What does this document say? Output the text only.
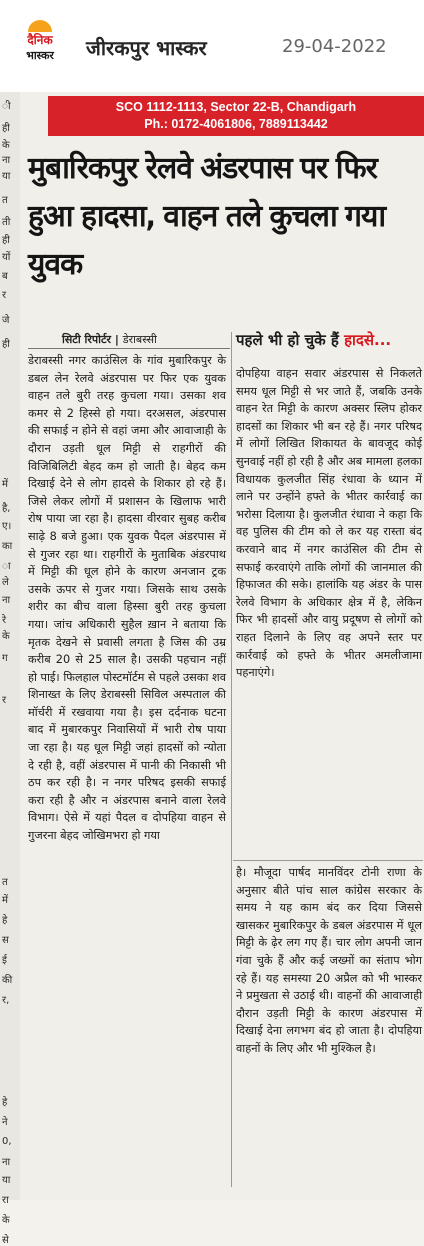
दैनिक
भास्कर	जीरकपुर भास्कर	29-04-2022
ी
ही
के
ना
या
त
ती
ही
यों
ब
र
जे
ही
में
है,
ए।
का
ा
ले
ना
रे
के
ग
र
त
में
हे
स
ई
की
र,
हे
ने
0,
ना
या
रा
के
से
SCO 1112-1113, Sector 22-B, Chandigarh
Ph.: 0172-4061806, 7889113442
मुबारिकपुर रेलवे अंडरपास पर फिर हुआ हादसा, वाहन तले कुचला गया युवक
सिटी रिपोर्टर | डेराबस्सी
डेराबस्सी नगर काउंसिल के गांव मुबारिकपुर के डबल लेन रेलवे अंडरपास पर फिर एक युवक वाहन तले बुरी तरह कुचला गया। उसका शव कमर से 2 हिस्से हो गया। दरअसल, अंडरपास की सफाई न होने से वहां जमा और आवाजाही के दौरान उड़ती धूल मिट्टी से राहगीरों की विजिबिलिटी बेहद कम हो जाती है। बेहद कम दिखाई देने से लोग हादसे के शिकार हो रहे हैं। जिसे लेकर लोगों में प्रशासन के खिलाफ भारी रोष पाया जा रहा है। हादसा वीरवार सुबह करीब साढ़े 8 बजे हुआ। एक युवक पैदल अंडरपास में से गुजर रहा था। राहगीरों के मुताबिक अंडरपाथ में मिट्टी की धूल होने के कारण अनजान ट्रक उसके ऊपर से गुजर गया। जिसके साथ उसके शरीर का बीच वाला हिस्सा बुरी तरह कुचला गया। जांच अधिकारी सुहैल ख़ान ने बताया कि मृतक देखने से प्रवासी लगता है जिस की उम्र करीब 20 से 25 साल है। उसकी पहचान नहीं हो पाई। फिलहाल पोस्टमॉर्टम से पहले उसका शव शिनाख्त के लिए डेराबस्सी सिविल अस्पताल की मॉर्चरी में रखवाया गया है। इस दर्दनाक घटना बाद में मुबारकपुर निवासियों में भारी रोष पाया जा रहा है। यह धूल मिट्टी जहां हादसों को न्योता दे रही है, वहीं अंडरपास में पानी की निकासी भी ठप कर रही है। न नगर परिषद इसकी सफाई करा रही है और न अंडरपास बनाने वाला रेलवे विभाग। ऐसे में यहां पैदल व दोपहिया वाहन से गुजरना बेहद जोखिमभरा हो गया
पहले भी हो चुके हैं हादसे...
दोपहिया वाहन सवार अंडरपास से निकलते समय धूल मिट्टी से भर जाते हैं, जबकि उनके वाहन रेत मिट्टी के कारण अक्सर स्लिप होकर हादसों का शिकार भी बन रहे हैं। नगर परिषद में लोगों लिखित शिकायत के बावजूद कोई सुनवाई नहीं हो रही है और अब मामला हलका विधायक कुलजीत सिंह रंधावा के ध्यान में लाने पर उन्होंने हफ्ते के भीतर कार्रवाई का भरोसा दिलाया है। कुलजीत रंधावा ने कहा कि वह पुलिस की टीम को ले कर यह रास्ता बंद करवाने बाद में नगर काउंसिल की टीम से सफाई करवाएंगे ताकि लोगों की जानमाल की हिफाजत की सके। हालांकि यह अंडर के पास रेलवे विभाग के अधिकार क्षेत्र में है, लेकिन फिर भी हादसों और वायु प्रदूषण से लोगों को राहत दिलाने के लिए वह अपने स्तर पर कार्रवाई को हफ्ते के भीतर अमलीजामा पहनाएंगे।
है। मौजूदा पार्षद मानविंदर टोनी राणा के अनुसार बीते पांच साल कांग्रेस सरकार के समय ने यह काम बंद कर दिया जिससे खासकर मुबारिकपुर के डबल अंडरपास में धूल मिट्टी के ढ़ेर लग गए हैं। चार लोग अपनी जान गंवा चुके हैं और कई जख्मों का संताप भोग रहे हैं। यह समस्या 20 अप्रैल को भी भास्कर ने प्रमुखता से उठाई थी। वाहनों की आवाजाही दौरान उड़ती मिट्टी के कारण अंडरपास में दिखाई देना लगभग बंद हो जाता है। दोपहिया वाहनों के लिए और भी मुश्किल है।
